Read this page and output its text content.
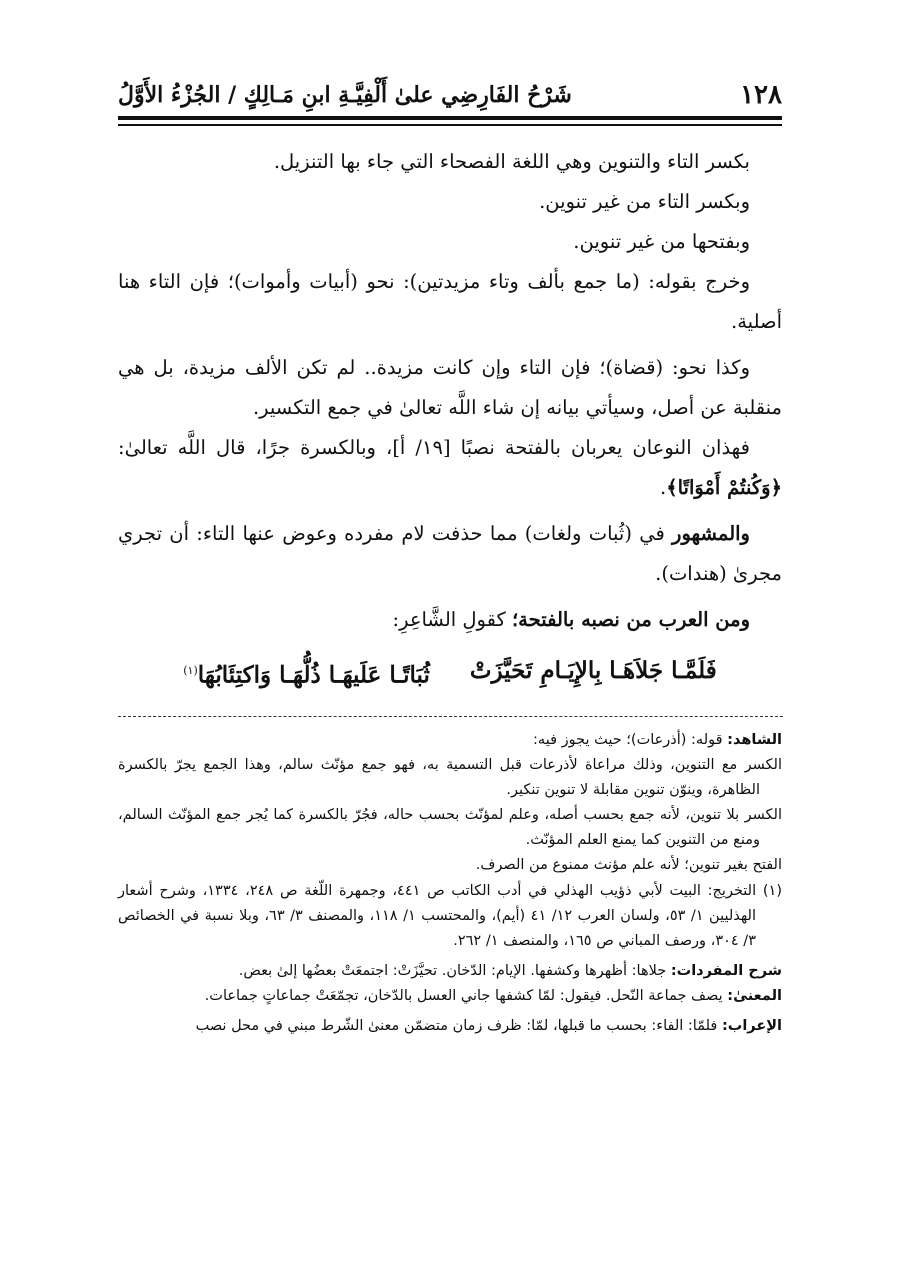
١٢٨
شَرْحُ الفَارِضِي علىٰ أَلْفِيَّـةِ ابنِ مَـالِكٍ / الجُزْءُ الأَوَّلُ

بكسر التاء والتنوين وهي اللغة الفصحاء التي جاء بها التنزيل.

وبكسر التاء من غير تنوين.

وبفتحها من غير تنوين.

وخرج بقوله: (ما جمع بألف وتاء مزيدتين): نحو (أبيات وأموات)؛ فإن التاء هنا أصلية.

وكذا نحو: (قضاة)؛ فإن التاء وإن كانت مزيدة.. لم تكن الألف مزيدة، بل هي منقلبة عن أصل، وسيأتي بيانه إن شاء اللَّه تعالىٰ في جمع التكسير.

فهذان النوعان يعربان بالفتحة نصبًا [١٩/ أ]، وبالكسرة جرًا، قال اللَّه تعالىٰ: ﴿وَكُنتُمْ أَمْوَاتًا﴾.

والمشهور في (ثُبات ولغات) مما حذفت لام مفرده وعوض عنها التاء: أن تجري مجرىٰ (هندات).

ومن العرب من نصبه بالفتحة؛ كقولِ الشَّاعِرِ:

فَلَمَّـا جَلاَهَـا بِالإِيَـامِ تَحَيَّزَتْ
ثُبَاتًـا عَلَيهَـا ذُلُّهَـا وَاكتِئَابُهَا$^{(١)}$

الشاهد: قوله: (أذرعات)؛ حيث يجوز فيه:

الكسر مع التنوين، وذلك مراعاة لأذرعات قبل التسمية به، فهو جمع مؤنّث سالم، وهذا الجمع يجرّ بالكسرة الظاهرة، وينوّن تنوين مقابلة لا تنوين تنكير.

الكسر بلا تنوين، لأنه جمع بحسب أصله، وعلم لمؤنّث بحسب حاله، فجُرّ بالكسرة كما يُجر جمع المؤنّث السالم، ومنع من التنوين كما يمنع العلم المؤنّث.

الفتح بغير تنوين؛ لأنه علم مؤنث ممنوع من الصرف.

(١) التخريج: البيت لأبي ذؤيب الهذلي في أدب الكاتب ص ٤٤١، وجمهرة اللّغة ص ٢٤٨، ١٣٣٤، وشرح أشعار الهذليين ١/ ٥٣، ولسان العرب ١٢/ ٤١ (أيم)، والمحتسب ١/ ١١٨، والمصنف ٣/ ٦٣، وبلا نسبة في الخصائص ٣/ ٣٠٤، ورصف المباني ص ١٦٥، والمنصف ١/ ٢٦٢.

شرح المفردات: جلاها: أظهرها وكشفها. الإيام: الدّخان. تحيَّزَتْ: اجتمعَتْ بعضُها إلىٰ بعض.

المعنىٰ: يصف جماعة النّحل. فيقول: لمّا كشفها جاني العسل بالدّخان، تجمّعَتْ جماعاتٍ جماعات.

الإعراب: فلمّا: الفاء: بحسب ما قبلها، لمّا: ظرف زمان متضمّن معنىٰ الشّرط مبني في محل نصب
